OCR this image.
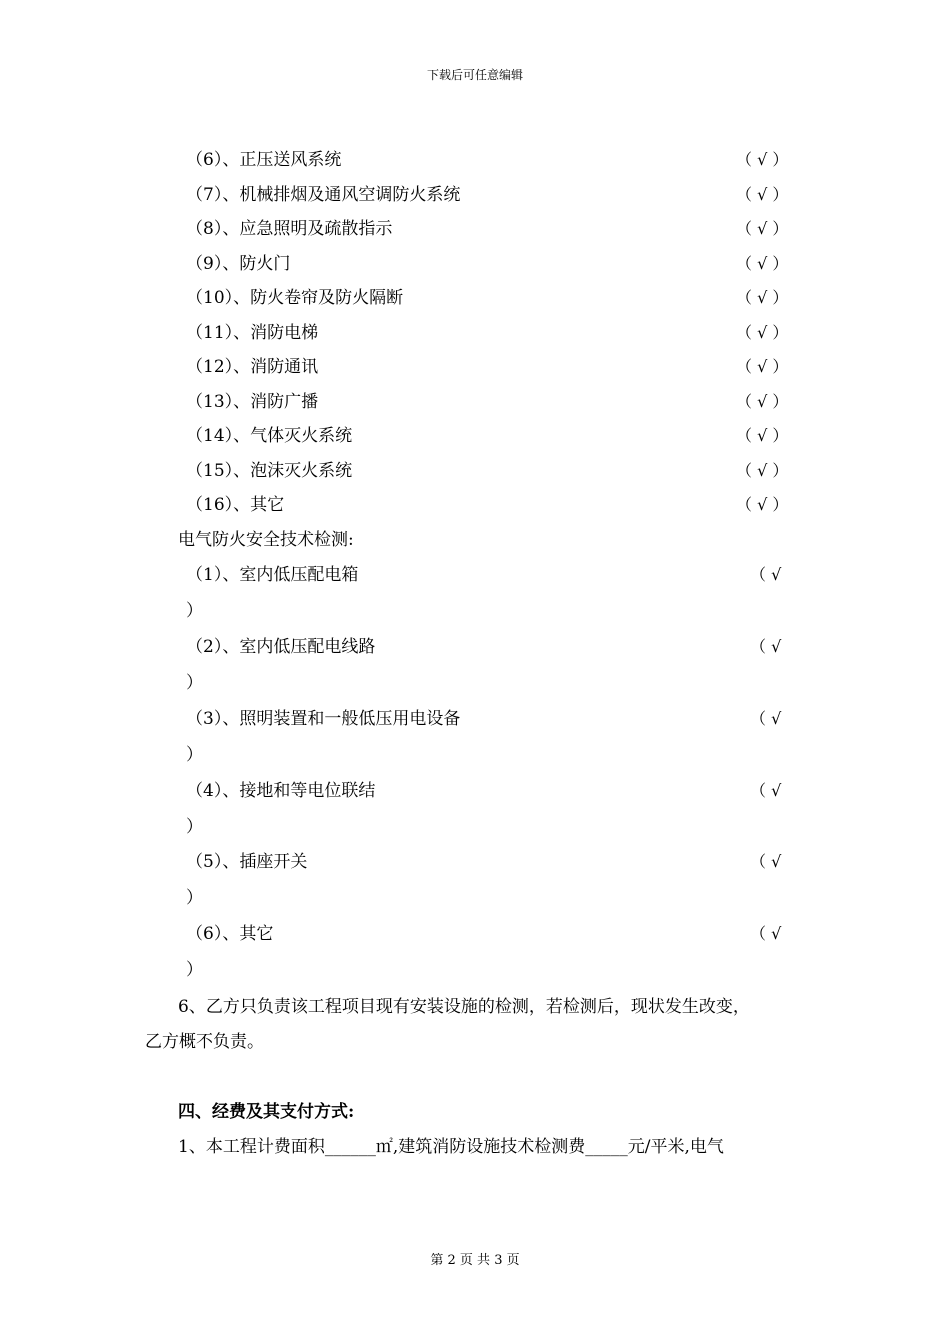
下载后可任意编辑
（6）、正压送风系统	（ √ ）
（7）、机械排烟及通风空调防火系统	（ √ ）
（8）、应急照明及疏散指示	（ √ ）
（9）、防火门	（ √ ）
（10）、防火卷帘及防火隔断	（ √ ）
（11）、消防电梯	（ √ ）
（12）、消防通讯	（ √ ）
（13）、消防广播	（ √ ）
（14）、气体灭火系统	（ √ ）
（15）、泡沫灭火系统	（ √ ）
（16）、其它	（ √ ）
电气防火安全技术检测:
（1）、室内低压配电箱	（ √
）
（2）、室内低压配电线路	（ √
）
（3）、照明装置和一般低压用电设备	（ √
）
（4）、接地和等电位联结	（ √
）
（5）、插座开关	（ √
）
（6）、其它	（ √
）
6、乙方只负责该工程项目现有安装设施的检测，若检测后，现状发生改变，
乙方概不负责。
四、经费及其支付方式:
1、本工程计费面积______㎡,建筑消防设施技术检测费_____元/平米,电气
第 2 页 共 3 页
